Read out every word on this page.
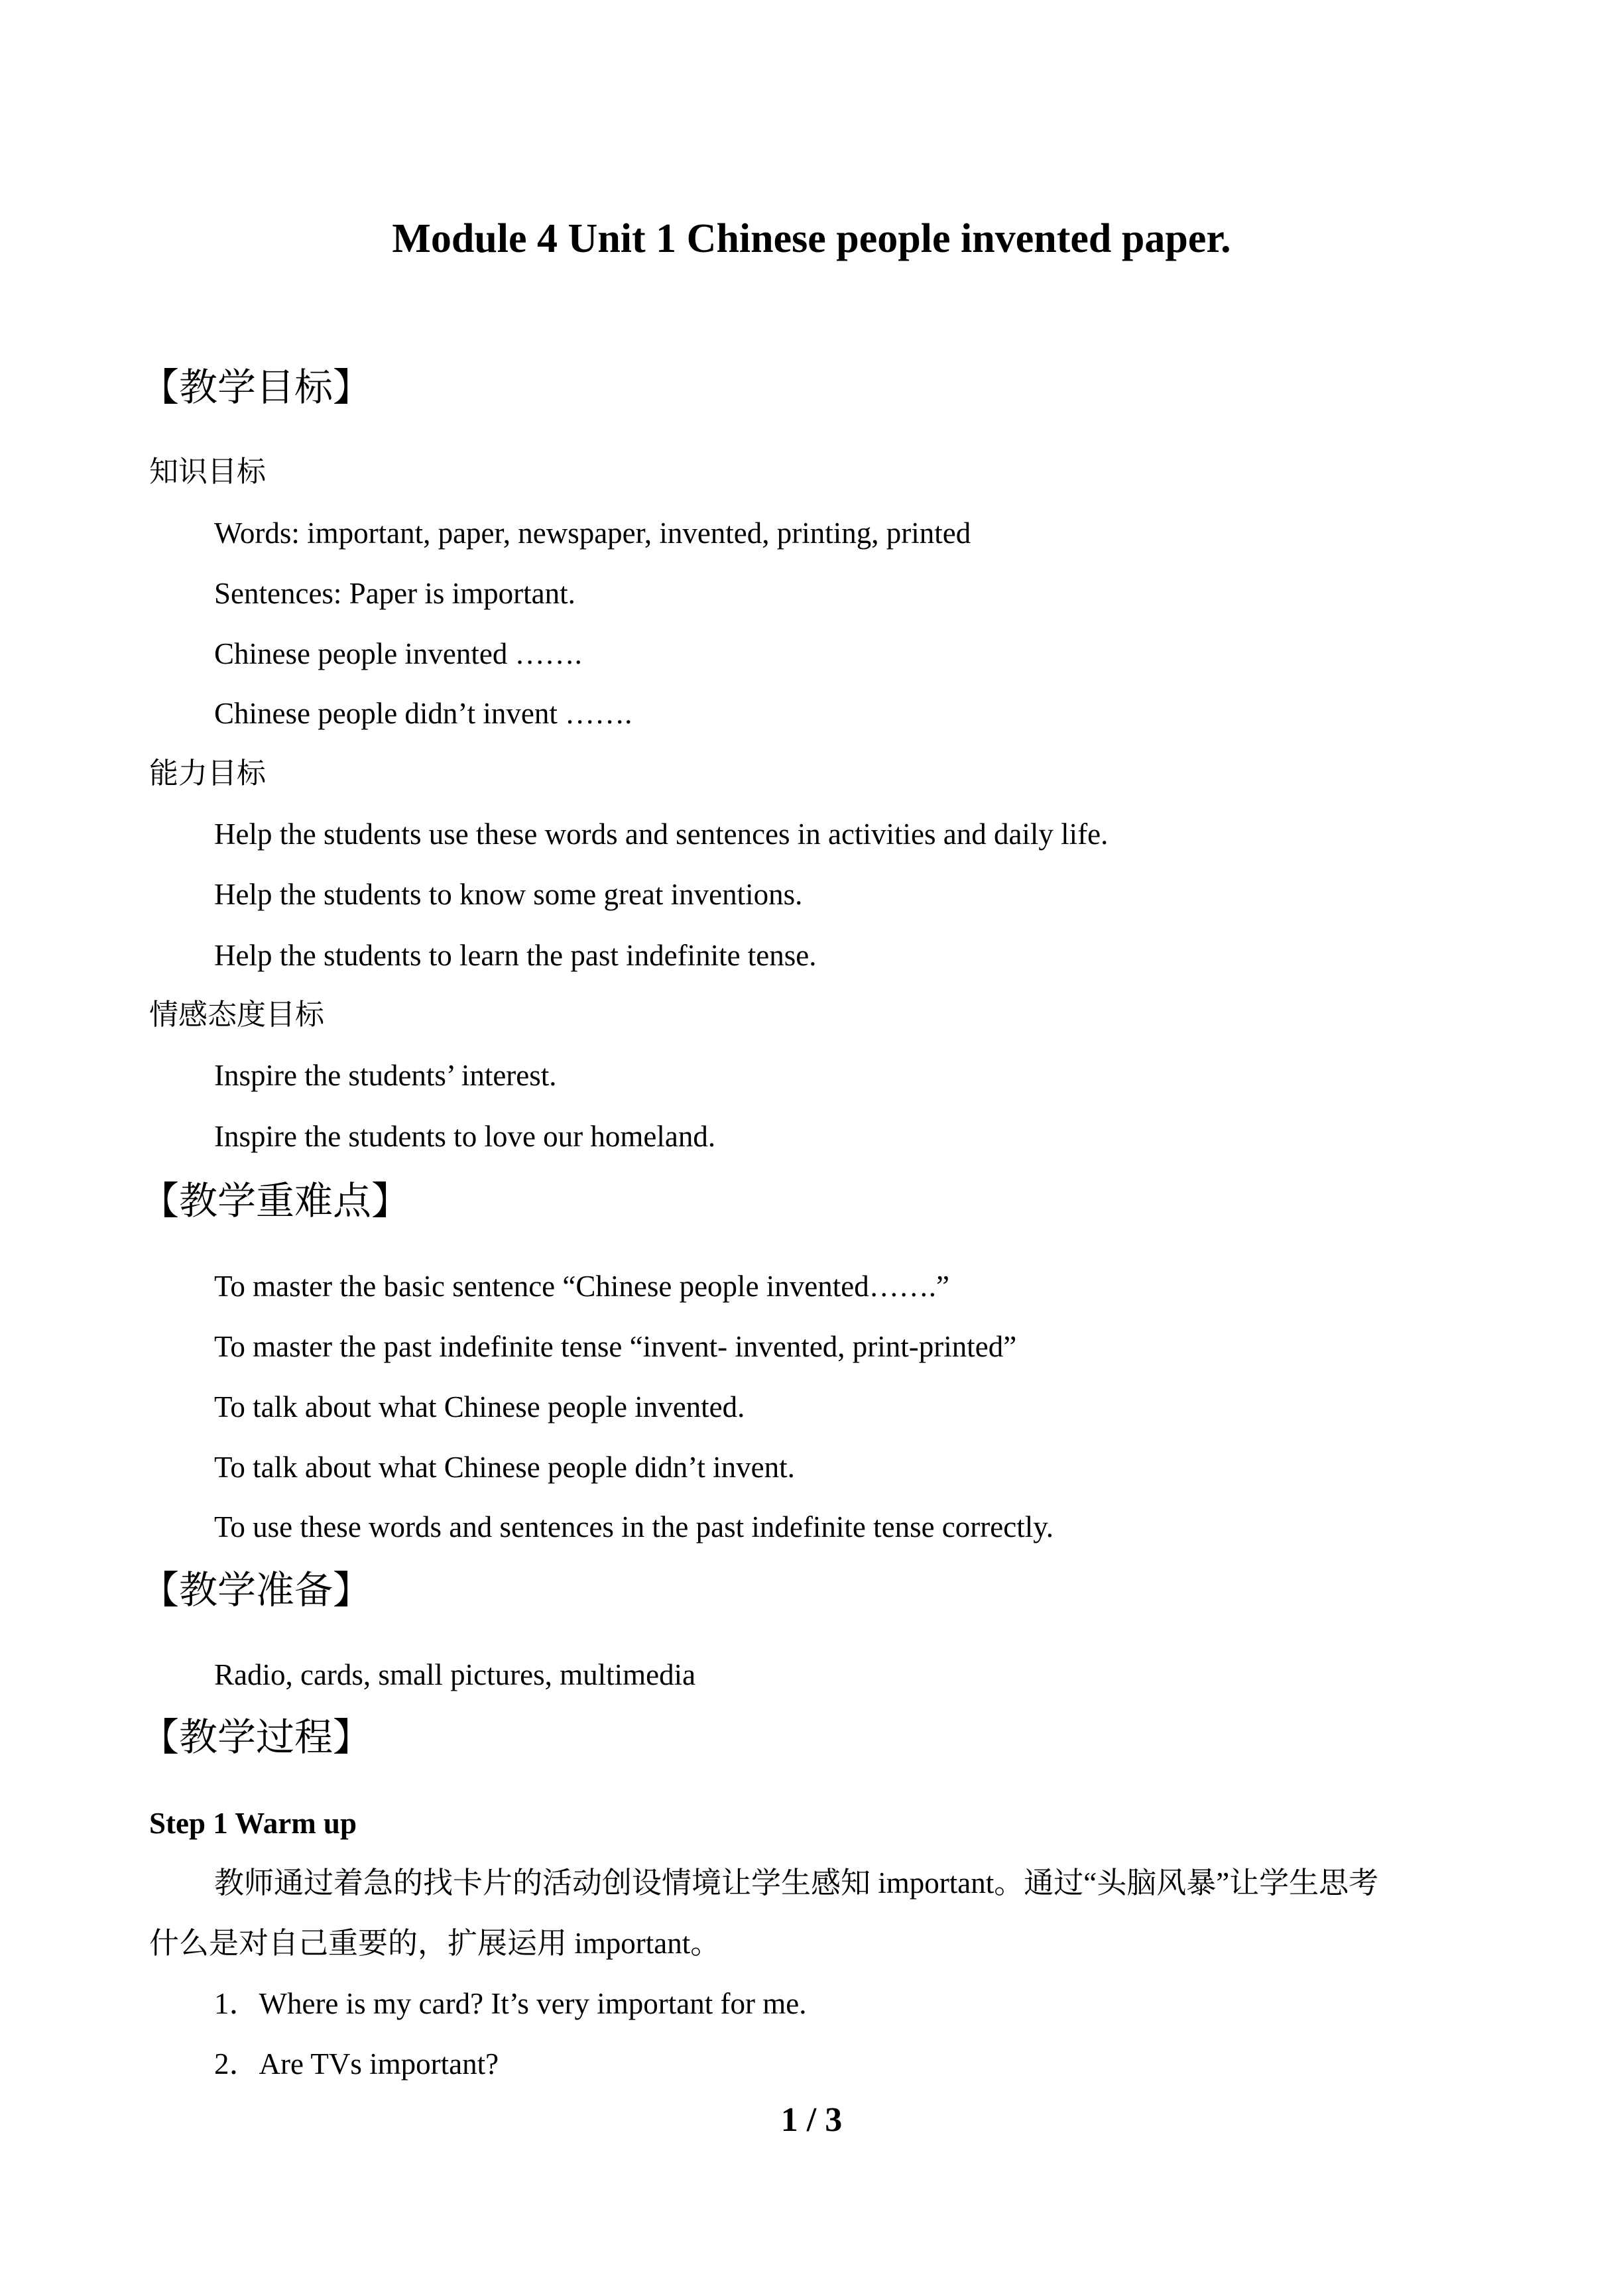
Module 4 Unit 1 Chinese people invented paper.
【教学目标】
知识目标
Words: important, paper, newspaper, invented, printing, printed
Sentences: Paper is important.
Chinese people invented …….
Chinese people didn’t invent …….
能力目标
Help the students use these words and sentences in activities and daily life.
Help the students to know some great inventions.
Help the students to learn the past indefinite tense.
情感态度目标
Inspire the students’ interest.
Inspire the students to love our homeland.
【教学重难点】
To master the basic sentence “Chinese people invented…….”
To master the past indefinite tense “invent- invented, print-printed”
To talk about what Chinese people invented.
To talk about what Chinese people didn’t invent.
To use these words and sentences in the past indefinite tense correctly.
【教学准备】
Radio, cards, small pictures, multimedia
【教学过程】
Step 1 Warm up
教师通过着急的找卡片的活动创设情境让学生感知 important。通过“头脑风暴”让学生思考
什么是对自己重要的，扩展运用 important。
1．Where is my card? It’s very important for me.
2．Are TVs important?
1 / 3
